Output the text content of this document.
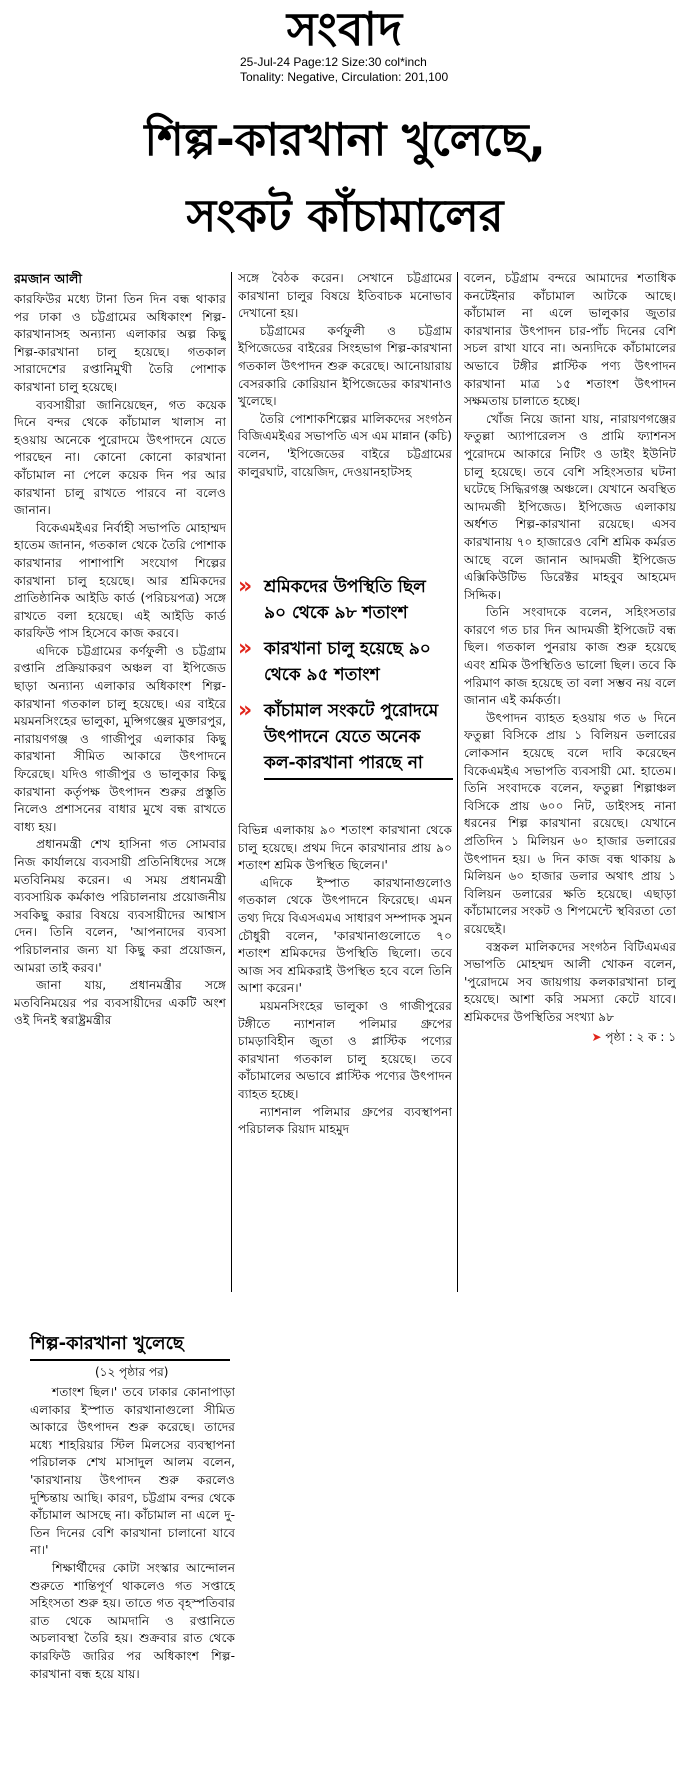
সংবাদ
25-Jul-24 Page:12 Size:30 col*inch
Tonality: Negative, Circulation: 201,100
শিল্প-কারখানা খুলেছে,
সংকট কাঁচামালের
রমজান আলী

কারফিউর মধ্যে টানা তিন দিন বন্ধ থাকার পর ঢাকা ও চট্টগ্রামের অধিকাংশ শিল্প-কারখানাসহ অন্যান্য এলাকার অল্প কিছু শিল্প-কারখানা চালু হয়েছে। গতকাল সারাদেশের রপ্তানিমুখী তৈরি পোশাক কারখানা চালু হয়েছে।

ব্যবসায়ীরা জানিয়েছেন, গত কয়েক দিনে বন্দর থেকে কাঁচামাল খালাস না হওয়ায় অনেকে পুরোদমে উৎপাদনে যেতে পারছেন না। কোনো কোনো কারখানা কাঁচামাল না পেলে কয়েক দিন পর আর কারখানা চালু রাখতে পারবে না বলেও জানান।

বিকেএমইএর নির্বাহী সভাপতি মোহাম্মদ হাতেম জানান, গতকাল থেকে তৈরি পোশাক কারখানার পাশাপাশি সংযোগ শিল্পের কারখানা চালু হয়েছে। আর শ্রমিকদের প্রাতিষ্ঠানিক আইডি কার্ড (পরিচয়পত্র) সঙ্গে রাখতে বলা হয়েছে। এই আইডি কার্ড কারফিউ পাস হিসেবে কাজ করবে।

এদিকে চট্টগ্রামের কর্ণফুলী ও চট্টগ্রাম রপ্তানি প্রক্রিয়াকরণ অঞ্চল বা ইপিজেড ছাড়া অন্যান্য এলাকার অধিকাংশ শিল্প-কারখানা গতকাল চালু হয়েছে। এর বাইরে ময়মনসিংহের ভালুকা, মুন্সিগঞ্জের মুক্তারপুর, নারায়ণগঞ্জ ও গাজীপুর এলাকার কিছু কারখানা সীমিত আকারে উৎপাদনে ফিরেছে। যদিও গাজীপুর ও ভালুকার কিছু কারখানা কর্তৃপক্ষ উৎপাদন শুরুর প্রস্তুতি নিলেও প্রশাসনের বাধার মুখে বন্ধ রাখতে বাধ্য হয়।

প্রধানমন্ত্রী শেখ হাসিনা গত সোমবার নিজ কার্যালয়ে ব্যবসায়ী প্রতিনিধিদের সঙ্গে মতবিনিময় করেন। এ সময় প্রধানমন্ত্রী ব্যবসায়িক কর্মকাণ্ড পরিচালনায় প্রয়োজনীয় সবকিছু করার বিষয়ে ব্যবসায়ীদের আশ্বাস দেন। তিনি বলেন, 'আপনাদের ব্যবসা পরিচালনার জন্য যা কিছু করা প্রয়োজন, আমরা তাই করব।'

জানা যায়, প্রধানমন্ত্রীর সঙ্গে মতবিনিময়ের পর ব্যবসায়ীদের একটি অংশ ওই দিনই স্বরাষ্ট্রমন্ত্রীর

সঙ্গে বৈঠক করেন। সেখানে চট্টগ্রামের কারখানা চালুর বিষয়ে ইতিবাচক মনোভাব দেখানো হয়।

চট্টগ্রামের কর্ণফুলী ও চট্টগ্রাম ইপিজেডের বাইরের সিংহভাগ শিল্প-কারখানা গতকাল উৎপাদন শুরু করেছে। আনোয়ারায় বেসরকারি কোরিয়ান ইপিজেডের কারখানাও খুলেছে।

তৈরি পোশাকশিল্পের মালিকদের সংগঠন বিজিএমইএর সভাপতি এস এম মান্নান (কচি) বলেন, 'ইপিজেডের বাইরে চট্টগ্রামের কালুরঘাট, বায়েজিদ, দেওয়ানহাটসহ

» শ্রমিকদের উপস্থিতি ছিল ৯০ থেকে ৯৮ শতাংশ
» কারখানা চালু হয়েছে ৯০ থেকে ৯৫ শতাংশ
» কাঁচামাল সংকটে পুরোদমে উৎপাদনে যেতে অনেক কল-কারখানা পারছে না

বিভিন্ন এলাকায় ৯০ শতাংশ কারখানা থেকে চালু হয়েছে। প্রথম দিনে কারখানার প্রায় ৯০ শতাংশ শ্রমিক উপস্থিত ছিলেন।'

এদিকে ইস্পাত কারখানাগুলোও গতকাল থেকে উৎপাদনে ফিরেছে। এমন তথ্য দিয়ে বিএসএমএ সাধারণ সম্পাদক সুমন চৌধুরী বলেন, 'কারখানাগুলোতে ৭০ শতাংশ শ্রমিকদের উপস্থিতি ছিলো। তবে আজ সব শ্রমিকরাই উপস্থিত হবে বলে তিনি আশা করেন।'

ময়মনসিংহের ভালুকা ও গাজীপুরের টঙ্গীতে ন্যাশনাল পলিমার গ্রুপের চামড়াবিহীন জুতা ও প্লাস্টিক পণ্যের কারখানা গতকাল চালু হয়েছে। তবে কাঁচামালের অভাবে প্লাস্টিক পণ্যের উৎপাদন ব্যাহত হচ্ছে।

ন্যাশনাল পলিমার গ্রুপের ব্যবস্থাপনা পরিচালক রিয়াদ মাহমুদ

বলেন, চট্টগ্রাম বন্দরে আমাদের শতাধিক কনটেইনার কাঁচামাল আটকে আছে। কাঁচামাল না এলে ভালুকার জুতার কারখানার উৎপাদন চার-পাঁচ দিনের বেশি সচল রাখা যাবে না। অন্যদিকে কাঁচামালের অভাবে টঙ্গীর প্লাস্টিক পণ্য উৎপাদন কারখানা মাত্র ১৫ শতাংশ উৎপাদন সক্ষমতায় চালাতে হচ্ছে।

খোঁজ নিয়ে জানা যায়, নারায়ণগঞ্জের ফতুল্লা অ্যাপারেলস ও প্রামি ফ্যাশনস পুরোদমে আকারে নিটিং ও ডাইং ইউনিট চালু হয়েছে। তবে বেশি সহিংসতার ঘটনা ঘটেছে সিদ্ধিরগঞ্জ অঞ্চলে। যেখানে অবস্থিত আদমজী ইপিজেড। ইপিজেড এলাকায় অর্ধশত শিল্প-কারখানা রয়েছে। এসব কারখানায় ৭০ হাজারেও বেশি শ্রমিক কর্মরত আছে বলে জানান আদমজী ইপিজেড এক্সিকিউটিভ ডিরেক্টর মাহবুব আহমেদ সিদ্দিক।

তিনি সংবাদকে বলেন, সহিংসতার কারণে গত চার দিন আদমজী ইপিজেট বন্ধ ছিল। গতকাল পুনরায় কাজ শুরু হয়েছে এবং শ্রমিক উপস্থিতিও ভালো ছিল। তবে কি পরিমাণ কাজ হয়েছে তা বলা সম্ভব নয় বলে জানান এই কর্মকর্তা।

উৎপাদন ব্যাহত হওয়ায় গত ৬ দিনে ফতুল্লা বিসিকে প্রায় ১ বিলিয়ন ডলারের লোকসান হয়েছে বলে দাবি করেছেন বিকেএমইএ সভাপতি ব্যবসায়ী মো. হাতেম। তিনি সংবাদকে বলেন, ফতুল্লা শিল্পাঞ্চল বিসিকে প্রায় ৬০০ নিট, ডাইংসহ নানা ধরনের শিল্প কারখানা রয়েছে। যেখানে প্রতিদিন ১ মিলিয়ন ৬০ হাজার ডলারের উৎপাদন হয়। ৬ দিন কাজ বন্ধ থাকায় ৯ মিলিয়ন ৬০ হাজার ডলার অথাৎ প্রায় ১ বিলিয়ন ডলারের ক্ষতি হয়েছে। এছাড়া কাঁচামালের সংকট ও শিপমেন্টে স্থবিরতা তো রয়েছেই।

বস্ত্রকল মালিকদের সংগঠন বিটিএমএর সভাপতি মোহম্মদ আলী খোকন বলেন, 'পুরোদমে সব জায়গায় কলকারখানা চালু হয়েছে। আশা করি সমস্যা কেটে যাবে। শ্রমিকদের উপস্থিতির সংখ্যা ৯৮

➤ পৃষ্ঠা : ২ ক : ১
শিল্প-কারখানা খুলেছে
(১২ পৃষ্ঠার পর)

শতাংশ ছিল।' তবে ঢাকার কোনাপাড়া এলাকার ইস্পাত কারখানাগুলো সীমিত আকারে উৎপাদন শুরু করেছে। তাদের মধ্যে শাহরিয়ার স্টিল মিলসের ব্যবস্থাপনা পরিচালক শেখ মাসাদুল আলম বলেন, 'কারখানায় উৎপাদন শুরু করলেও দুশ্চিন্তায় আছি। কারণ, চট্টগ্রাম বন্দর থেকে কাঁচামাল আসছে না। কাঁচামাল না এলে দু-তিন দিনের বেশি কারখানা চালানো যাবে না।'

শিক্ষার্থীদের কোটা সংস্কার আন্দোলন শুরুতে শান্তিপূর্ণ থাকলেও গত সপ্তাহে সহিংসতা শুরু হয়। তাতে গত বৃহস্পতিবার রাত থেকে আমদানি ও রপ্তানিতে অচলাবস্থা তৈরি হয়। শুক্রবার রাত থেকে কারফিউ জারির পর অধিকাংশ শিল্প-কারখানা বন্ধ হয়ে যায়।
